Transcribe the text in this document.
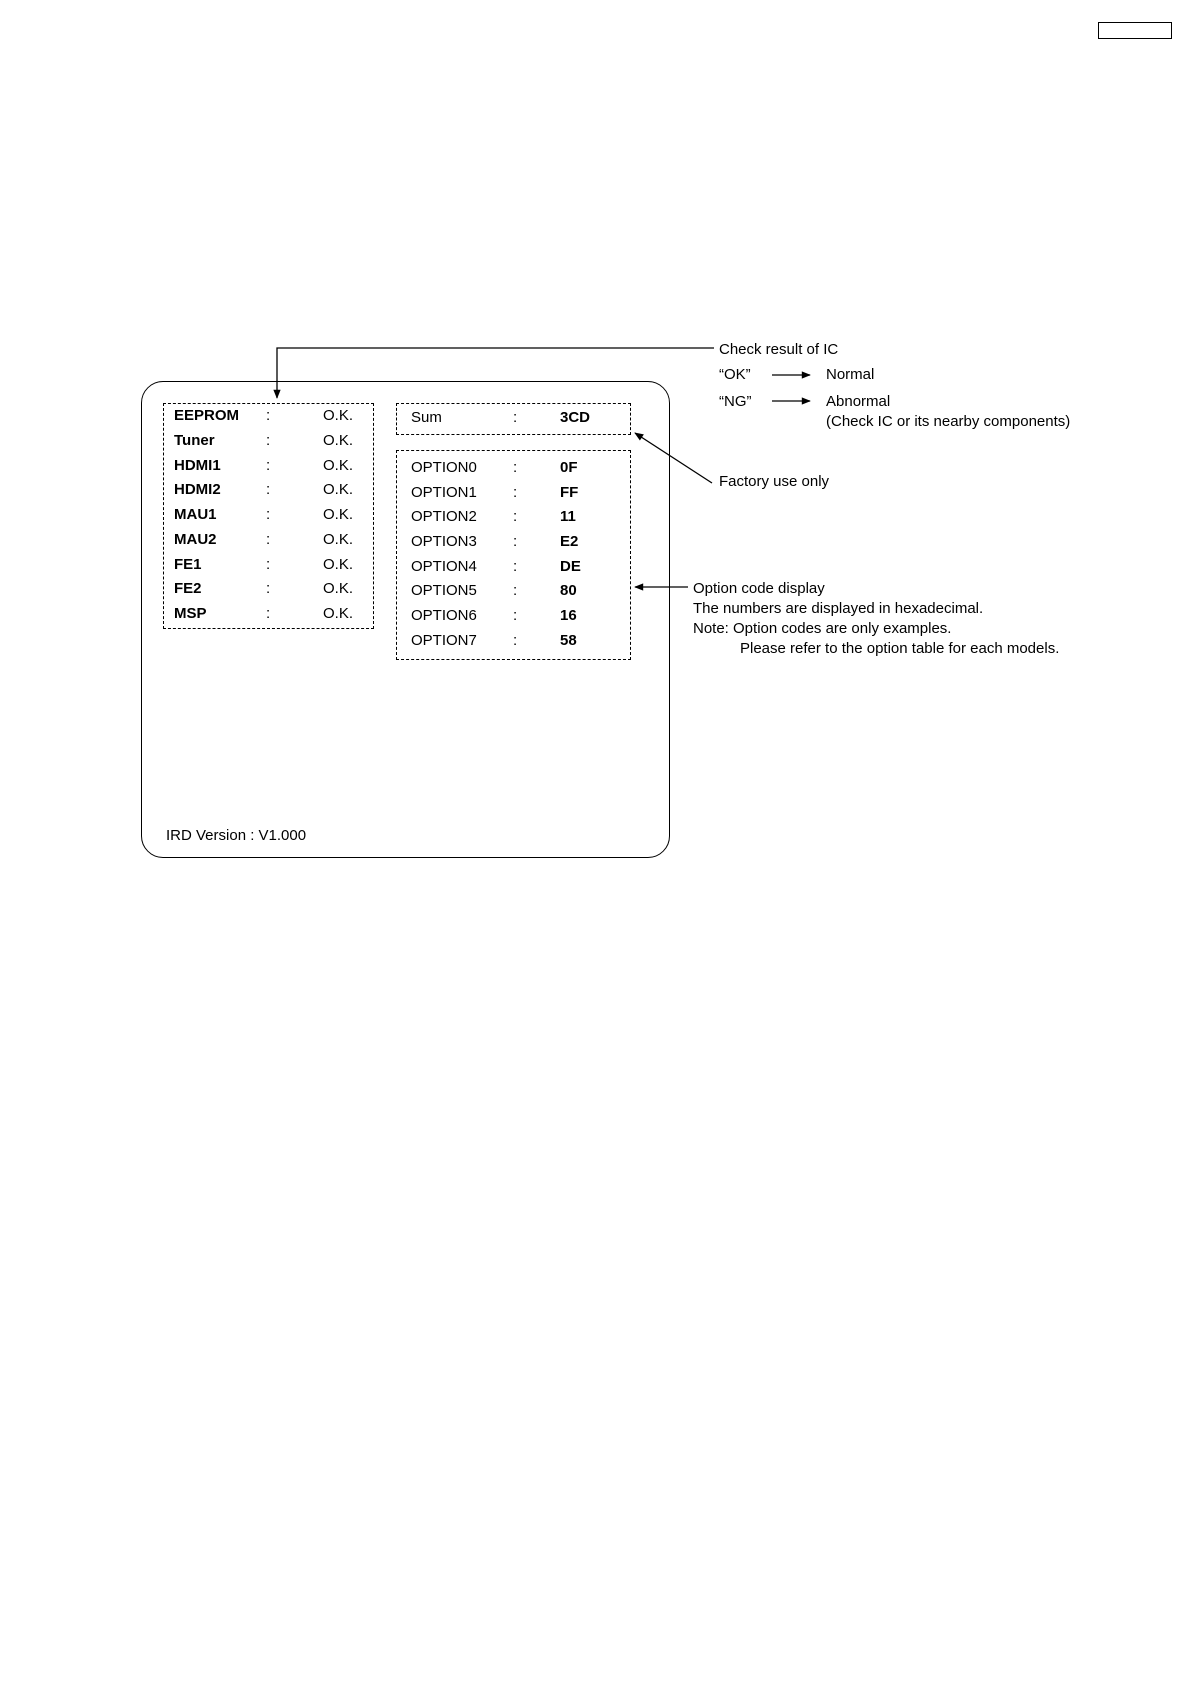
EEPROM :	O.K.
Tuner	:	O.K.
HDMI1	:	O.K.
HDMI2	:	O.K.
MAU1	:	O.K.
MAU2	:	O.K.
FE1	:	O.K.
FE2	:	O.K.
MSP	:	O.K.
Sum	:	3CD
OPTION0 :	0F
OPTION1 :	FF
OPTION2 :	11
OPTION3 :	E2
OPTION4 :	DE
OPTION5 :	80
OPTION6 :	16
OPTION7 :	58
IRD Version : V1.000
Check result of IC
“OK”	Normal
“NG”	Abnormal
(Check IC or its nearby components)
Factory use only
Option code display
The numbers are displayed in hexadecimal.
Note: Option codes are only examples.
Please refer to the option table for each models.
